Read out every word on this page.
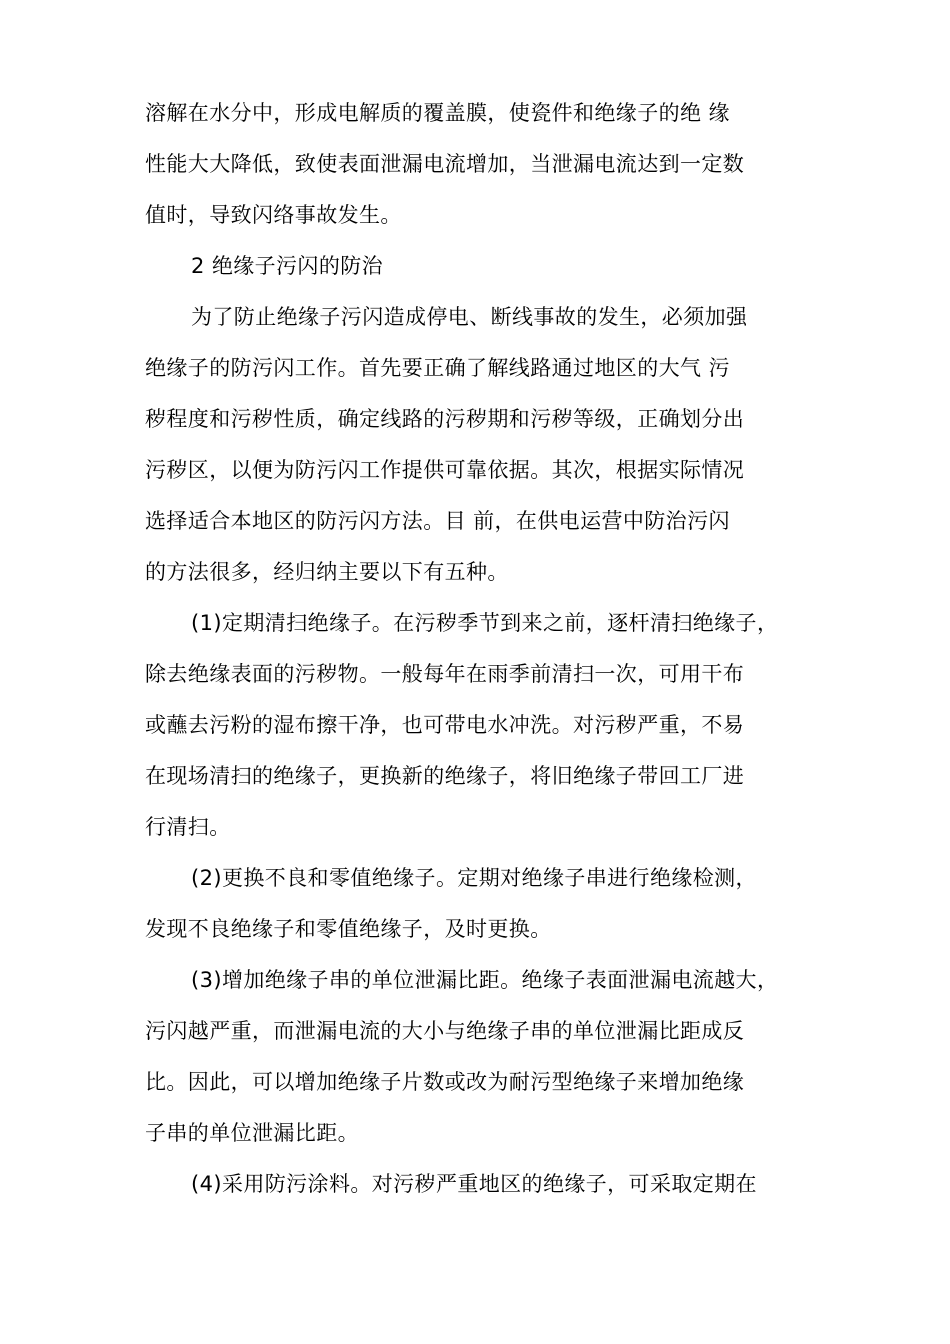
溶解在水分中，形成电解质的覆盖膜，使瓷件和绝缘子的绝 缘
性能大大降低，致使表面泄漏电流增加，当泄漏电流达到一定数
值时，导致闪络事故发生。
2 绝缘子污闪的防治
为了防止绝缘子污闪造成停电、断线事故的发生，必须加强
绝缘子的防污闪工作。首先要正确了解线路通过地区的大气 污
秽程度和污秽性质，确定线路的污秽期和污秽等级，正确划分出
污秽区，以便为防污闪工作提供可靠依据。其次，根据实际情况
选择适合本地区的防污闪方法。目 前，在供电运营中防治污闪
的方法很多，经归纳主要以下有五种。
(1)定期清扫绝缘子。在污秽季节到来之前，逐杆清扫绝缘子，
除去绝缘表面的污秽物。一般每年在雨季前清扫一次，可用干布
或蘸去污粉的湿布擦干净，也可带电水冲洗。对污秽严重，不易
在现场清扫的绝缘子，更换新的绝缘子，将旧绝缘子带回工厂进
行清扫。
(2)更换不良和零值绝缘子。定期对绝缘子串进行绝缘检测，
发现不良绝缘子和零值绝缘子，及时更换。
(3)增加绝缘子串的单位泄漏比距。绝缘子表面泄漏电流越大，
污闪越严重，而泄漏电流的大小与绝缘子串的单位泄漏比距成反
比。因此，可以增加绝缘子片数或改为耐污型绝缘子来增加绝缘
子串的单位泄漏比距。
(4)采用防污涂料。对污秽严重地区的绝缘子，可采取定期在
